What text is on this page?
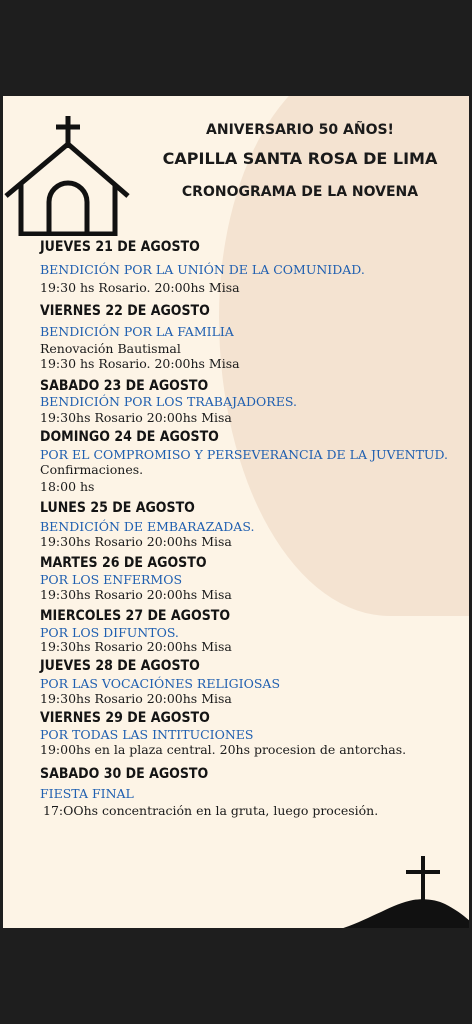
ANIVERSARIO 50 AÑOS!
CAPILLA SANTA ROSA DE LIMA
CRONOGRAMA DE LA NOVENA
JUEVES 21 DE AGOSTO
BENDICIÓN POR LA UNIÓN DE LA COMUNIDAD.
19:30 hs Rosario. 20:00hs Misa
VIERNES 22 DE AGOSTO
BENDICIÓN POR LA FAMILIA
Renovación Bautismal
19:30 hs Rosario. 20:00hs Misa
SABADO 23 DE AGOSTO
BENDICIÓN POR LOS TRABAJADORES.
19:30hs Rosario 20:00hs Misa
DOMINGO 24 DE AGOSTO
POR EL COMPROMISO Y PERSEVERANCIA DE LA JUVENTUD.
Confirmaciones.
18:00 hs
LUNES 25 DE AGOSTO
BENDICIÓN DE EMBARAZADAS.
19:30hs Rosario 20:00hs Misa
MARTES 26 DE AGOSTO
POR LOS ENFERMOS
19:30hs Rosario 20:00hs Misa
MIERCOLES 27 DE AGOSTO
POR LOS DIFUNTOS.
19:30hs Rosario 20:00hs Misa
JUEVES 28 DE AGOSTO
POR LAS VOCACIÓNES RELIGIOSAS
19:30hs Rosario 20:00hs Misa
VIERNES 29 DE AGOSTO
POR TODAS LAS INTITUCIONES
19:00hs en la plaza central. 20hs procesion de antorchas.
SABADO 30 DE AGOSTO
FIESTA FINAL
17:OOhs concentración en la gruta, luego procesión.
